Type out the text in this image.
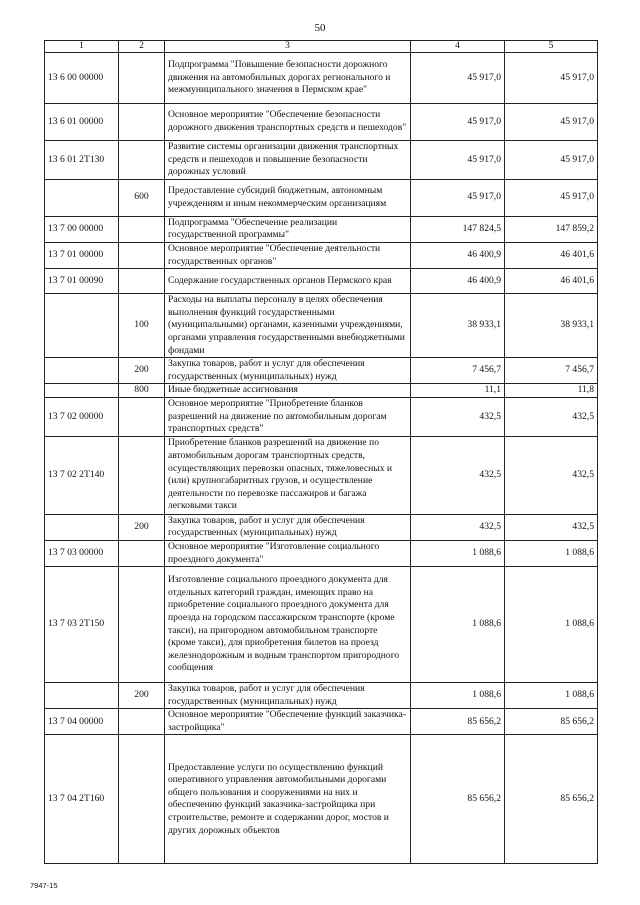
50
1	2	3	4	5
13 6 00 00000		Подпрограмма "Повышение безопасности дорожного движения на автомобильных дорогах регионального и межмуниципального значения в Пермском крае"	45 917,0	45 917,0
13 6 01 00000		Основное мероприятие "Обеспечение безопасности дорожного движения транспортных средств и пешеходов"	45 917,0	45 917,0
13 6 01 2Т130		Развитие системы организации движения транспортных средств и пешеходов и повышение безопасности дорожных условий	45 917,0	45 917,0
	600	Предоставление субсидий бюджетным, автономным учреждениям и иным некоммерческим организациям	45 917,0	45 917,0
13 7 00 00000		Подпрограмма "Обеспечение реализации государственной программы"	147 824,5	147 859,2
13 7 01 00000		Основное мероприятие "Обеспечение деятельности государственных органов"	46 400,9	46 401,6
13 7 01 00090		Содержание государственных органов Пермского края	46 400,9	46 401,6
	100	Расходы на выплаты персоналу в целях обеспечения выполнения функций государственными (муниципальными) органами, казенными учреждениями, органами управления государственными внебюджетными фондами	38 933,1	38 933,1
	200	Закупка товаров, работ и услуг для обеспечения государственных (муниципальных) нужд	7 456,7	7 456,7
	800	Иные бюджетные ассигнования	11,1	11,8
13 7 02 00000		Основное мероприятие "Приобретение бланков разрешений на движение по автомобильным дорогам транспортных средств"	432,5	432,5
13 7 02 2Т140		Приобретение бланков разрешений на движение по автомобильным дорогам транспортных средств, осуществляющих перевозки опасных, тяжеловесных и (или) крупногабаритных грузов, и осуществление деятельности по перевозке пассажиров и багажа легковыми такси	432,5	432,5
	200	Закупка товаров, работ и услуг для обеспечения государственных (муниципальных) нужд	432,5	432,5
13 7 03 00000		Основное мероприятие "Изготовление социального проездного документа"	1 088,6	1 088,6
13 7 03 2Т150		Изготовление социального проездного документа для отдельных категорий граждан, имеющих право на приобретение социального проездного документа для проезда на городском пассажирском транспорте (кроме такси), на пригородном автомобильном транспорте (кроме такси), для приобретения билетов на проезд железнодорожным и водным транспортом пригородного сообщения	1 088,6	1 088,6
	200	Закупка товаров, работ и услуг для обеспечения государственных (муниципальных) нужд	1 088,6	1 088,6
13 7 04 00000		Основное мероприятие "Обеспечение функций заказчика-застройщика"	85 656,2	85 656,2
13 7 04 2Т160		Предоставление услуги по осуществлению функций оперативного управления автомобильными дорогами общего пользования и сооружениями на них и обеспечению функций заказчика-застройщика при строительстве, ремонте и содержании дорог, мостов и других дорожных объектов	85 656,2	85 656,2
7947-15
